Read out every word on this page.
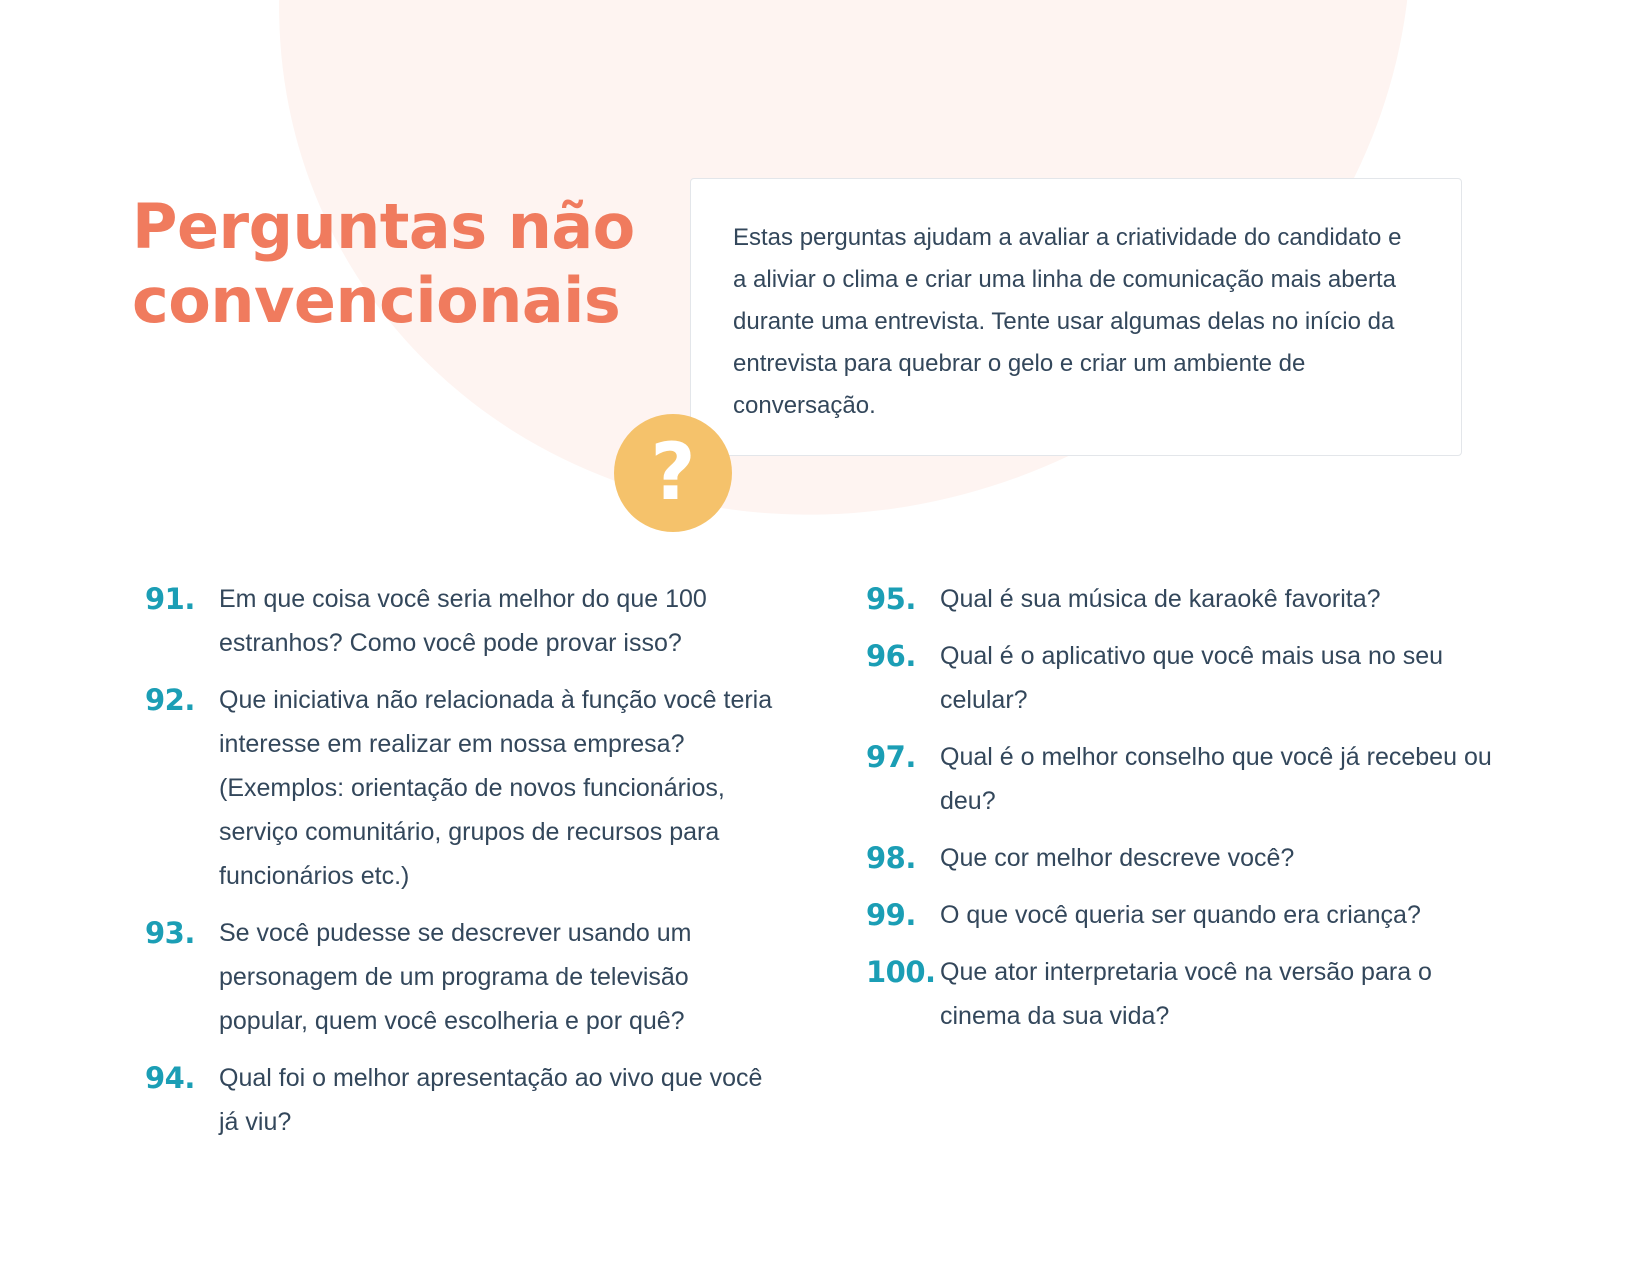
Perguntas não convencionais

Estas perguntas ajudam a avaliar a criatividade do candidato e a aliviar o clima e criar uma linha de comunicação mais aberta durante uma entrevista. Tente usar algumas delas no início da entrevista para quebrar o gelo e criar um ambiente de conversação.

?
91. Em que coisa você seria melhor do que 100 estranhos? Como você pode provar isso?
92. Que iniciativa não relacionada à função você teria interesse em realizar em nossa empresa? (Exemplos: orientação de novos funcionários, serviço comunitário, grupos de recursos para funcionários etc.)
93. Se você pudesse se descrever usando um personagem de um programa de televisão popular, quem você escolheria e por quê?
94. Qual foi o melhor apresentação ao vivo que você já viu?
95. Qual é sua música de karaokê favorita?
96. Qual é o aplicativo que você mais usa no seu celular?
97. Qual é o melhor conselho que você já recebeu ou deu?
98. Que cor melhor descreve você?
99. O que você queria ser quando era criança?
100. Que ator interpretaria você na versão para o cinema da sua vida?
